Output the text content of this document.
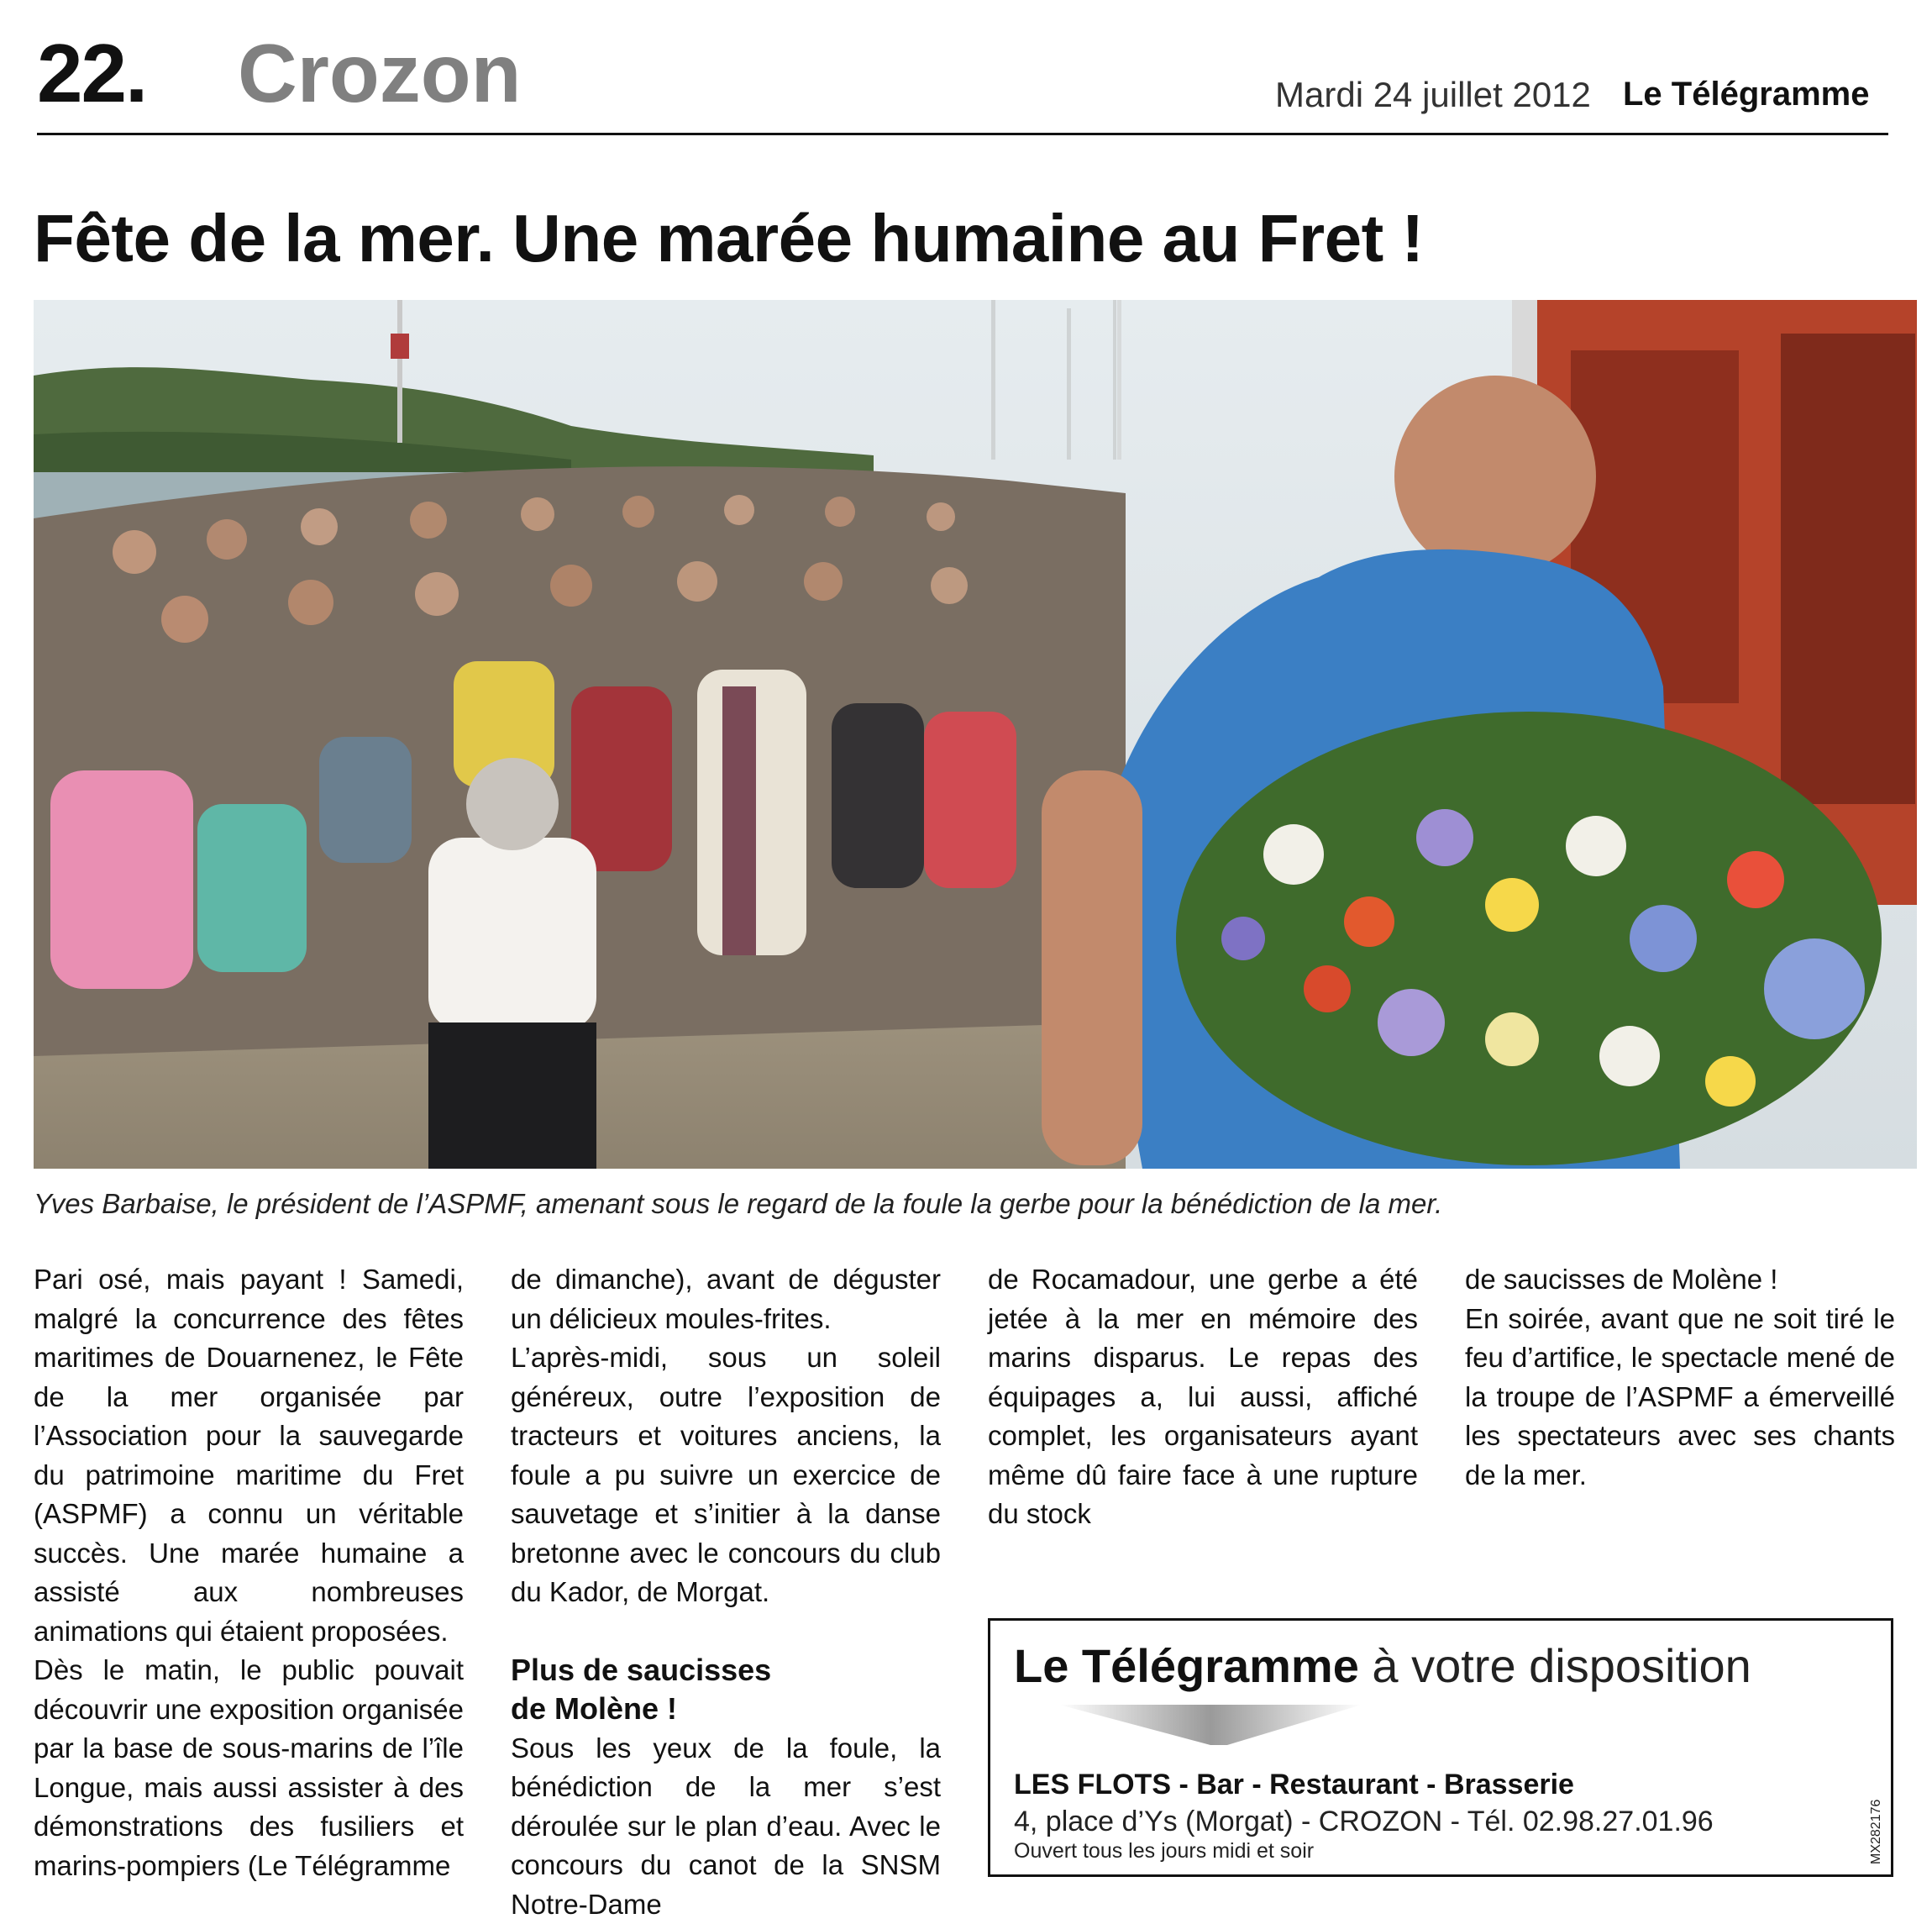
22. Crozon	Mardi 24 juillet 2012 Le Télégramme
Fête de la mer. Une marée humaine au Fret !
Yves Barbaise, le président de l’ASPMF, amenant sous le regard de la foule la gerbe pour la bénédiction de la mer.

Pari osé, mais payant ! Samedi, malgré la concurrence des fêtes maritimes de Douarnenez, le Fête de la mer organisée par l’Association pour la sauvegarde du patrimoine maritime du Fret (ASPMF) a connu un véritable succès. Une marée humaine a assisté aux nombreuses animations qui étaient proposées.

Dès le matin, le public pouvait découvrir une exposition organisée par la base de sous-marins de l’île Longue, mais aussi assister à des démonstrations des fusiliers et marins-pompiers (Le Télégramme

de dimanche), avant de déguster un délicieux moules-frites.

L’après-midi, sous un soleil généreux, outre l’exposition de tracteurs et voitures anciens, la foule a pu suivre un exercice de sauvetage et s’initier à la danse bretonne avec le concours du club du Kador, de Morgat.

Plus de saucisses de Molène !

Sous les yeux de la foule, la bénédiction de la mer s’est déroulée sur le plan d’eau. Avec le concours du canot de la SNSM Notre-Dame

de Rocamadour, une gerbe a été jetée à la mer en mémoire des marins disparus. Le repas des équipages a, lui aussi, affiché complet, les organisateurs ayant même dû faire face à une rupture du stock

de saucisses de Molène !

En soirée, avant que ne soit tiré le feu d’artifice, le spectacle mené de la troupe de l’ASPMF a émerveillé les spectateurs avec ses chants de la mer.

Le Télégramme à votre disposition
LES FLOTS - Bar - Restaurant - Brasserie
4, place d’Ys (Morgat) - CROZON - Tél. 02.98.27.01.96
Ouvert tous les jours midi et soir	MX282176
